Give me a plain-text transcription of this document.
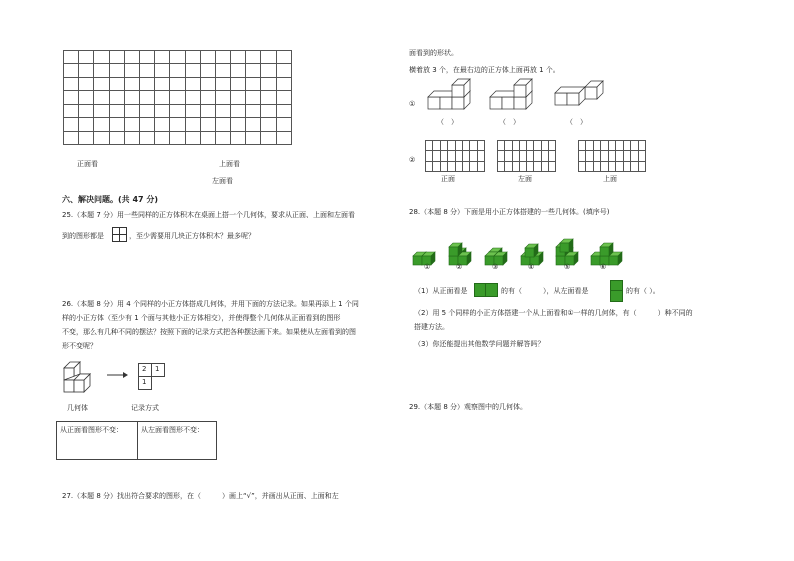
正面看	上面看
左面看
六、解决问题。(共 47 分)
25.（本题 7 分）用一些同样的正方体积木在桌面上搭一个几何体，要求从正面、上面和左面看
到的图形都是	，至少需要用几块正方体积木？最多呢？
26.（本题 8 分）用 4 个同样的小正方体搭成几何体，并用下面的方法记录。如果再添上 1 个同
样的小正方体（至少有 1 个面与其他小正方体相交），并使得整个几何体从正面看到的图形
不变，那么有几种不同的摆法？按照下面的记录方式把各种摆法画下来。如果使从左面看到的图
形不变呢？
2 1
1
几何体	记录方式
从正面看图形不变：	从左面看图形不变：
27.（本题 8 分）找出符合要求的图形，在（　　　）画上“√”，并画出从正面、上面和左
面看到的形状。
横着放 3 个，在最右边的正方体上面再放 1 个。
①
（　）	（　）	（　）
②

正面	左面	上面
28.（本题 8 分）下面是用小正方体搭建的一些几何体。(填序号)
①	②	③	④	⑤	⑥
（1）从正面看是	的有（　　　），从左面看是	的有（ ）。
（2）用 5 个同样的小正方体搭建一个从上面看和①一样的几何体，有（　　　）种不同的
搭建方法。
（3）你还能提出其他数学问题并解答吗？
29.（本题 8 分）观察图中的几何体。
